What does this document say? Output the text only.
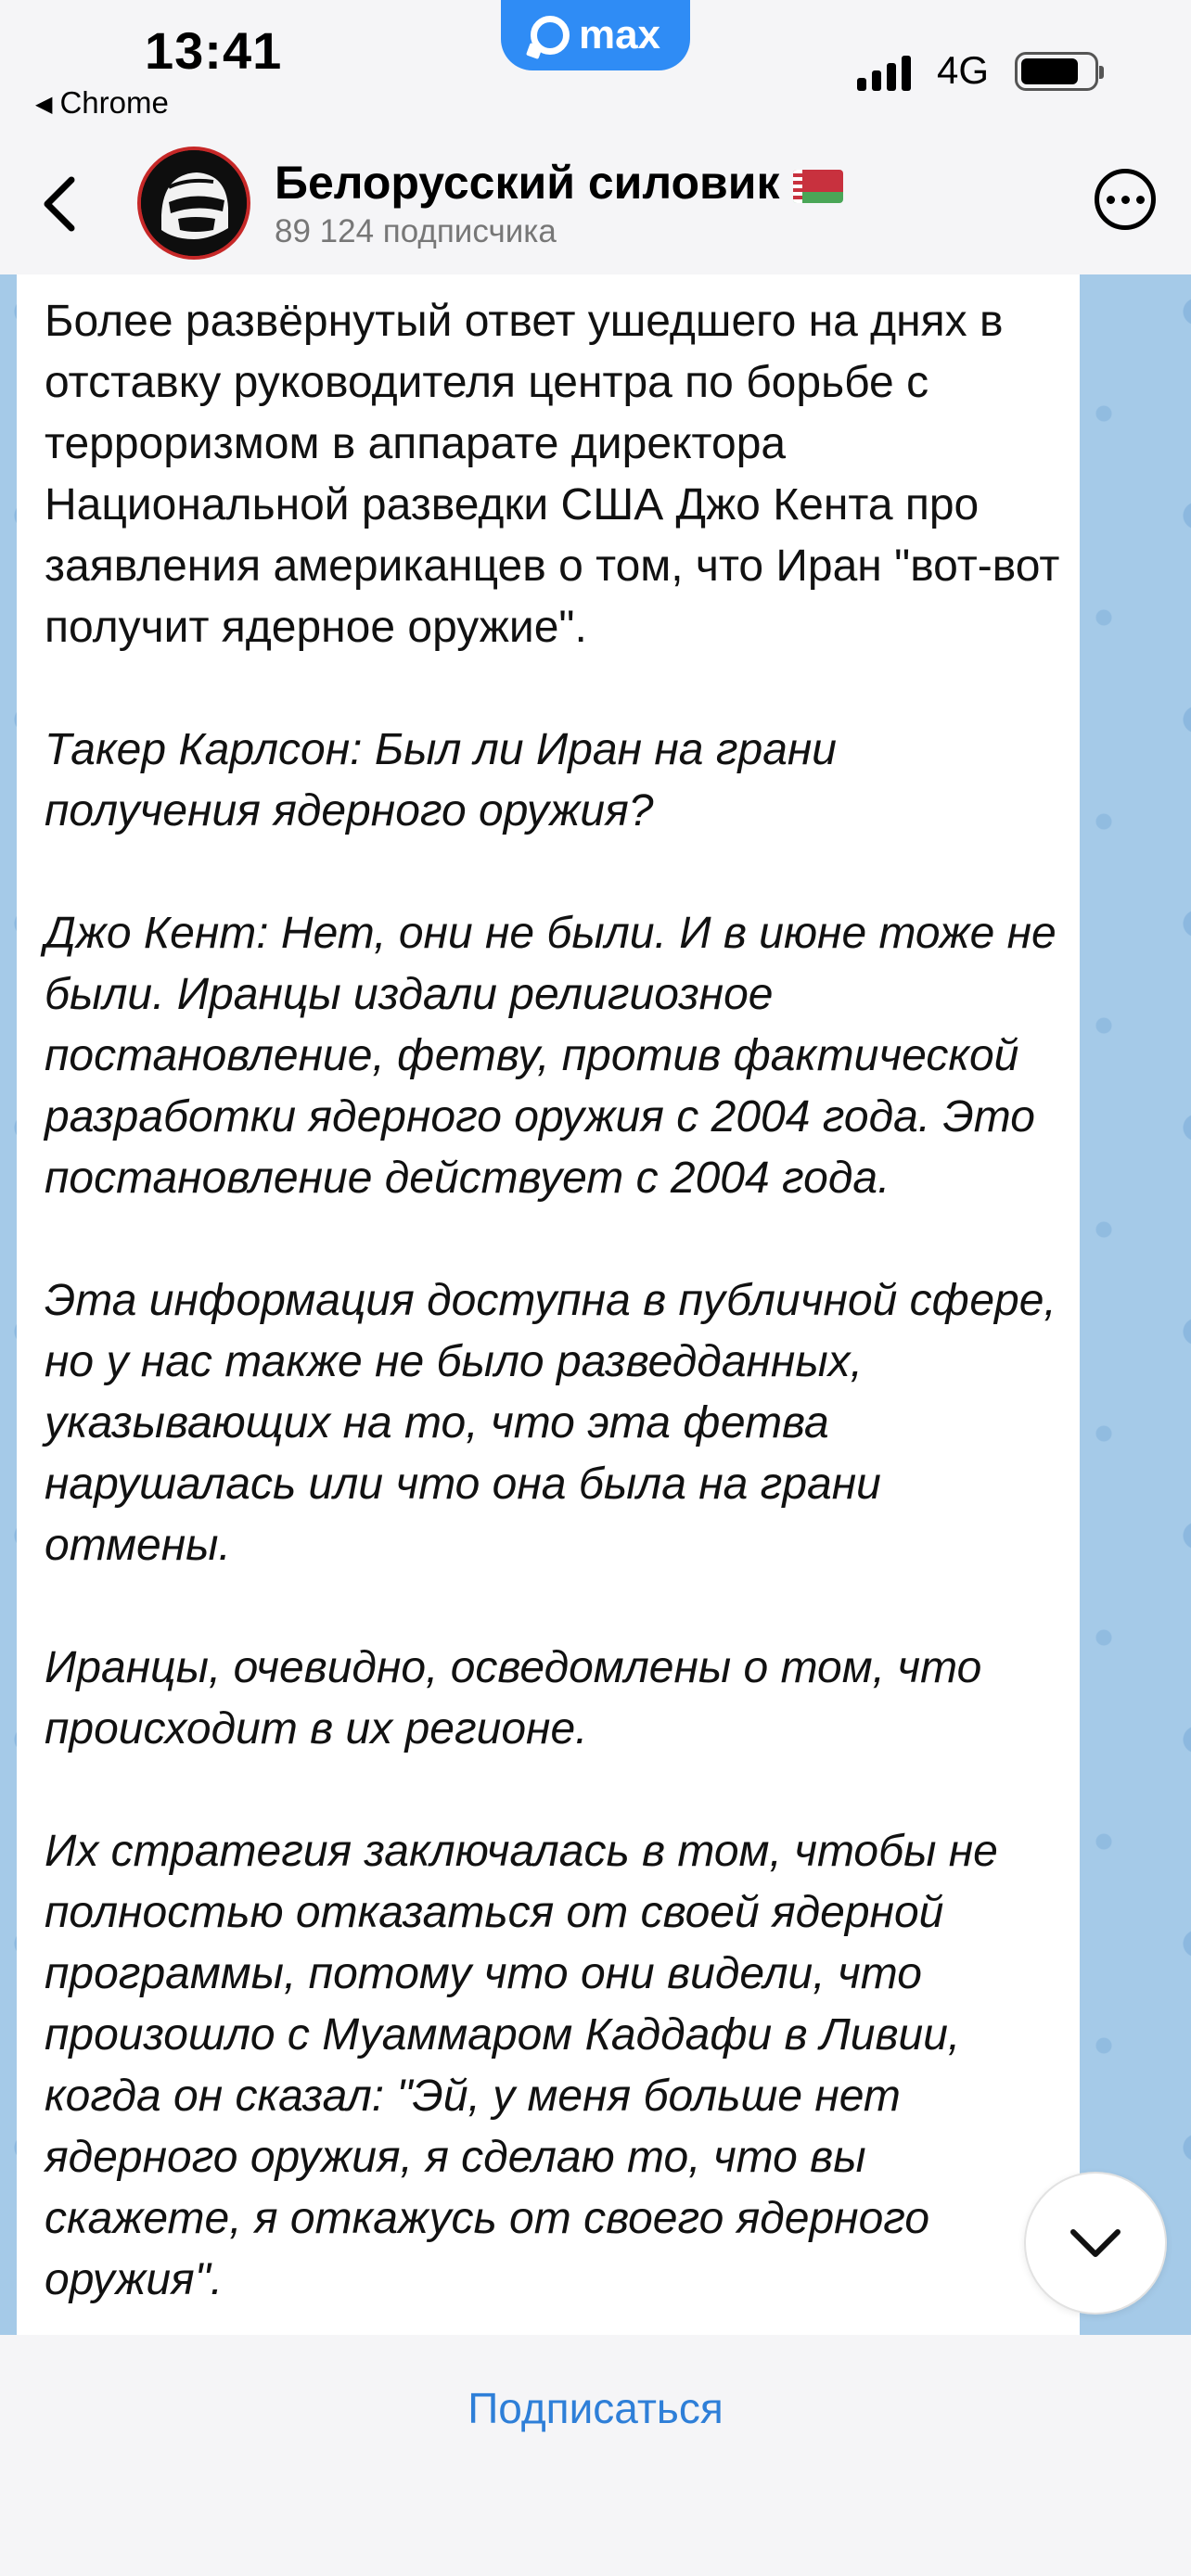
13:41
◀ Chrome
max
4G
Белорусский силовик
89 124 подписчика

Более развёрнутый ответ ушедшего на днях в отставку руководителя центра по борьбе с терроризмом в аппарате директора Национальной разведки США Джо Кента про заявления американцев о том, что Иран "вот-вот получит ядерное оружие".

Такер Карлсон: Был ли Иран на грани получения ядерного оружия?

Джо Кент: Нет, они не были. И в июне тоже не были. Иранцы издали религиозное постановление, фетву, против фактической разработки ядерного оружия с 2004 года. Это постановление действует с 2004 года.

Эта информация доступна в публичной сфере, но у нас также не было разведданных, указывающих на то, что эта фетва нарушалась или что она была на грани отмены.

Иранцы, очевидно, осведомлены о том, что происходит в их регионе.

Их стратегия заключалась в том, чтобы не полностью отказаться от своей ядерной программы, потому что они видели, что произошло с Муаммаром Каддафи в Ливии, когда он сказал: "Эй, у меня больше нет ядерного оружия, я сделаю то, что вы скажете, я откажусь от своего ядерного оружия".

Подписаться
